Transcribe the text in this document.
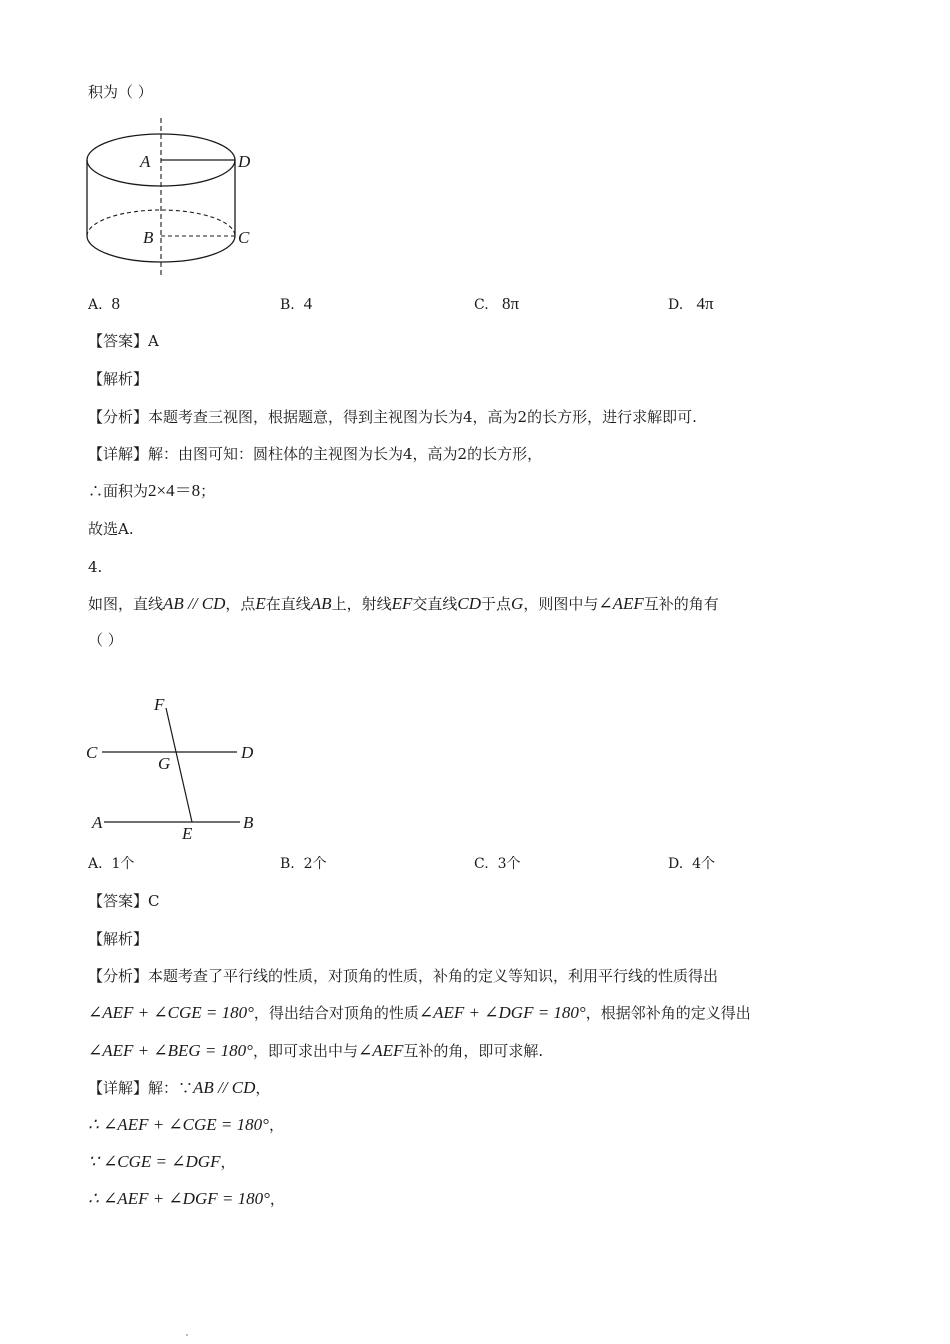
积为（ ）
A	D
B	C
A. 8	B. 4	C. 8π	D. 4π
【答案】A
【解析】
【分析】本题考查三视图，根据题意，得到主视图为长为4，高为2的长方形，进行求解即可.
【详解】解：由图可知：圆柱体的主视图为长为4，高为2的长方形，
∴面积为2×4＝8；
故选A.
4.
如图，直线AB // CD，点E在直线AB上，射线EF交直线CD于点G，则图中与∠AEF互补的角有
（ ）
F
C	D
G
A	B
E
A. 1个	B. 2个	C. 3个	D. 4个
【答案】C
【解析】
【分析】本题考查了平行线的性质，对顶角的性质，补角的定义等知识，利用平行线的性质得出
∠AEF + ∠CGE = 180°，得出结合对顶角的性质∠AEF + ∠DGF = 180°，根据邻补角的定义得出
∠AEF + ∠BEG = 180°，即可求出中与∠AEF互补的角，即可求解.
【详解】解：∵AB // CD，
∴ ∠AEF + ∠CGE = 180°，
∵ ∠CGE = ∠DGF，
∴ ∠AEF + ∠DGF = 180°，
